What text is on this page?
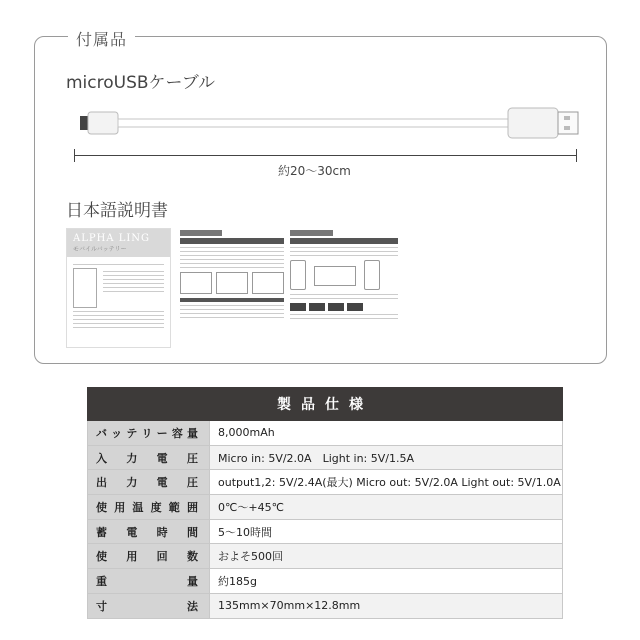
付属品
microUSBケーブル
約20～30cm
日本語説明書
ALPHA LING
モバイルバッテリー
製品仕様	
バッテリー容量	8,000mAh
入力電圧	Micro in: 5V/2.0A　Light in: 5V/1.5A
出力電圧	output1,2: 5V/2.4A(最大) Micro out: 5V/2.0A Light out: 5V/1.0A
使用温度範囲	0℃～+45℃
蓄電時間	5～10時間
使用回数	およそ500回
重量	約185g
寸法	135mm×70mm×12.8mm
